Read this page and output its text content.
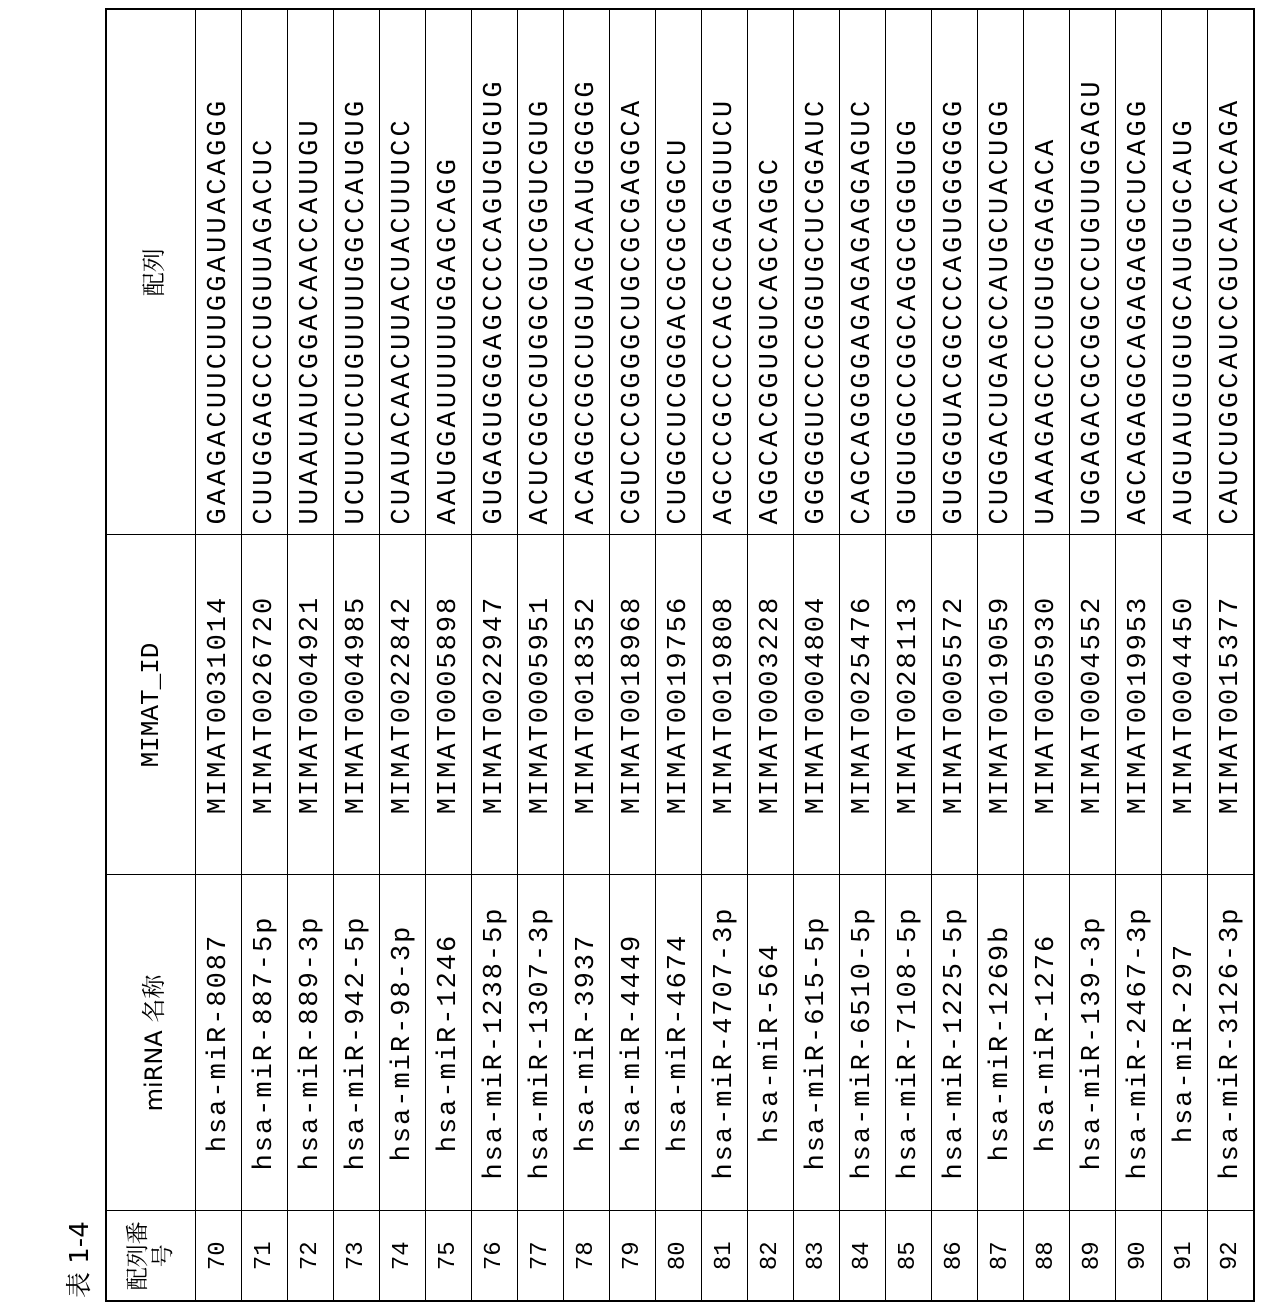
表 1-4 配列番号	miRNA 名称	MIMAT_ID	配列
70	hsa-miR-8087	MIMAT0031014	GAAGACUUCUUGGAUUACAGGG
71	hsa-miR-887-5p	MIMAT0026720	CUUGGAGCCCUGUUAGACUC
72	hsa-miR-889-3p	MIMAT0004921	UUAAUAUCGGACAACCAUUGU
73	hsa-miR-942-5p	MIMAT0004985	UCUUCUCUGUUUUGGCCAUGUG
74	hsa-miR-98-3p	MIMAT0022842	CUAUACAACUUACUACUUUCC
75	hsa-miR-1246	MIMAT0005898	AAUGGAUUUUUGGAGCAGG
76	hsa-miR-1238-5p	MIMAT0022947	GUGAGUGGGAGCCCCAGUGUGUG
77	hsa-miR-1307-3p	MIMAT0005951	ACUCGGCGUGGCGUCGGUCGUG
78	hsa-miR-3937	MIMAT0018352	ACAGGCGGCUGUAGCAAUGGGGG
79	hsa-miR-4449	MIMAT0018968	CGUCCCGGGGCUGCGCGAGGCA
80	hsa-miR-4674	MIMAT0019756	CUGGCUCGGGACGCGCGGCU
81	hsa-miR-4707-3p	MIMAT0019808	AGCCCGCCCCAGCCGAGGUUCU
82	hsa-miR-564	MIMAT0003228	AGGCACGGUGUCAGCAGGC
83	hsa-miR-615-5p	MIMAT0004804	GGGGGUCCCCGGUGCUCGGAUC
84	hsa-miR-6510-5p	MIMAT0025476	CAGCAGGGGAGAGAGAGGAGUC
85	hsa-miR-7108-5p	MIMAT0028113	GUGUGGCCGGCAGGCGGGUGG
86	hsa-miR-1225-5p	MIMAT0005572	GUGGGUACGGCCCAGUGGGGGG
87	hsa-miR-1269b	MIMAT0019059	CUGGACUGAGCCAUGCUACUGG
88	hsa-miR-1276	MIMAT0005930	UAAAGAGCCCUGUGGAGACA
89	hsa-miR-139-3p	MIMAT0004552	UGGAGACGCGGCCCUGUUGGAGU
90	hsa-miR-2467-3p	MIMAT0019953	AGCAGAGGCAGAGAGGCUCAGG
91	hsa-miR-297	MIMAT0004450	AUGUAUGUGUGCAUGUGCAUG
92	hsa-miR-3126-3p	MIMAT0015377	CAUCUGGCAUCCGUCACACAGA
